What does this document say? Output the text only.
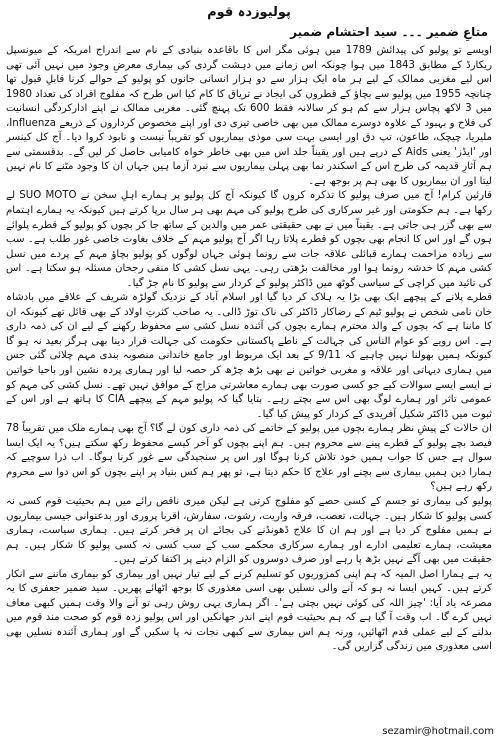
پولیوزدہ قوم
متاعِ ضمیر ۔۔۔ سید احتشام ضمیر

اویسے تو پولیو کی پیدائش 1789 میں ہوئی مگر اس کا باقاعدہ بنیادی کے نام سے اندراج امریکہ کے میونسپل ریکارڈ کے مطابق 1843 میں ہوا چونکہ اس زمانے میں دہشت گردی کی بیماری معرضِ وجود میں نہیں آئی تھی اس لیے مغربی ممالک کے لیے ہر ماہ ایک ہزار سے دو ہزار انسانی جانوں کو پولیو کے حوالے کرنا قابلِ قبول تھا چنانچہ 1955 میں پولیو سے بچاؤ کے قطروں کی ایجاد نے تریاق کا کام کیا اس طرح کہ مفلوج افراد کی تعداد 1980 میں 3 لاکھ پچاس ہزار سے کم ہو کر سالانہ فقط 600 تک پہنچ گئی۔ مغربی ممالک نے اپنے ادارکردگی انسانیت کی فلاح و بہبود کے علاوہ دوسرے ممالک میں بھی خاصی تیزی دی اور اپنے مخصوص کرداروں کے ذریعے Influenza، ملیریا، چیچک، طاعون، تپ دق اور ایسی بہت سی موذی بیماریوں کو تقریباً نیست و نابود کروا دیا۔ آج کل کینسر اور 'ایڈز' یعنی Aids کے درپے ہیں اور یقیناً جلد اس میں بھی خاطر خواہ کامیابی حاصل کر لیں گے۔ بدقسمتی سے ہم آثارِ قدیمہ کی طرح اس کے اسکندر نما بھی پہلی بیماریوں سے نبرد آزما ہیں جہاں ان کا وجود مٹنے کا نام نہیں لیتا اور ان بیماریوں کا بھی ہم پر بوجھ ہے۔

قارئین کرام! آج میں صرف پولیو کا تذکرہ کروں گا کیونکہ آج کل پولیو پر ہمارے اہلِ سخن نے SUO MOTO لے رکھا ہے۔ ہم حکومتی اور غیر سرکاری کی طرح پولیو کی مہم بھی ہر سال برپا کرتے ہیں کیونکہ یہ ہمارے اہتمام سے بھی گزر ہی جاتی ہے۔ یقیناً میں نے بھی حقیقتی عمر میں والدین کے ساتھ جا کر بچوں کو پولیو کے قطرے پلوائے ہوں گے اور اس کا انجام بھی بچوں کو قطرے پلاتا رہا اگر آج پولیو مہم کے خلاف بغاوت خاصی غور طلب ہے۔ سب سے زیادہ مزاحمت ہمارے قبائلی علاقہ جات سے رونما ہوئی جہاں لوگوں کو پولیو بچاؤ مہم کے پردے میں نسل کشی مہم کا خدشہ رونما ہوا اور مخالفت بڑھتی رہی۔ یہی نسل کشی کا منفی رجحان مسئلہ ہو سکتا ہے۔ اس کی تائید میں کراچی کے سیاسی گوٹھ میں ڈاکٹر پولیو کے کردار سے پولیو کا نام جڑ گیا۔

قطرے پلانے کے پیچھے ایک بھی بڑا یہ ہلاک کر دیا گیا اور اسلام آباد کے نزدیک گولڑہ شریف کے علاقے میں بادشاہ خان نامی شخص نے پولیو ٹیم کے رضاکار ڈاکٹر کی ناک توڑ ڈالی۔ یہ صاحب کثرتِ اولاد کے بھی قائل تھے کیونکہ ان کا ماننا ہے کہ بچوں کے والد محترم ہمارے بچوں کی آئندہ نسل کشی سے محفوظ رکھنے کے لیے ان کی ذمہ داری ہے۔ اس رویے کو عوام الناس کی جہالت کے ناطے پاکستانی حکومت کی جہالت قرار دینا بھی ہرگز بعید نہ ہو گا کیونکہ ہمیں بھولنا نہیں چاہیے کہ 9/11 کے بعد ایک مربوط اور جامع خاندانی منصوبہ بندی مہم چلائی گئی جس میں ہماری دیہاتی اور علاقہ و مغربی خواتین نے بھی بڑھ چڑھ کر حصہ لیا اور ہماری پردہ نشین اور باحیا خواتین نے ایسے ایسے سوالات کیے جو کسی صورت بھی ہمارے معاشرتی مزاج کے موافق نہیں تھے۔ نسل کشی کی مہم کو عمومی تاثر اور ہمارے لوگ بھی اس سے بچتے رہے۔ بتایا گیا کہ پولیو مہم کے پیچھے CIA کا ہاتھ ہے اور اس کے ثبوت میں ڈاکٹر شکیل آفریدی کے کردار کو پیش کیا گیا۔

ان حالات کے پیشِ نظر ہمارے بچوں میں پولیو کے خاتمے کی ذمہ داری کون لے گا؟ آج بھی ہمارے ملک میں تقریباً 78 فیصد بچے پولیو کے قطرے پینے سے محروم ہیں۔ ہم اپنے بچوں کو آخر کیسے محفوظ رکھ سکتے ہیں؟ یہ ایک ایسا سوال ہے جس کا جواب ہمیں خود تلاش کرنا ہوگا اور اس پر سنجیدگی سے غور کرنا ہوگا۔ اب ذرا سوچیے کہ ہمارا دین ہمیں بیماری سے بچنے اور علاج کا حکم دیتا ہے، تو پھر ہم کس بنیاد پر اپنے بچوں کو اس دوا سے محروم رکھ رہے ہیں؟

پولیو کی بیماری تو جسم کے کسی حصے کو مفلوج کرتی ہے لیکن میری ناقص رائے میں ہم بحیثیت قوم کسی نہ کسی پولیو کا شکار ہیں۔ جہالت، تعصب، فرقہ واریت، رشوت، سفارش، اقربا پروری اور بدعنوانی جیسی بیماریوں نے ہمیں مفلوج کر دیا ہے اور ہم ان کا علاج ڈھونڈنے کی بجائے ان پر فخر کرتے ہیں۔ ہماری سیاست، ہماری معیشت، ہمارے تعلیمی ادارے اور ہمارے سرکاری محکمے سب کے سب کسی نہ کسی پولیو کا شکار ہیں۔ ہم حقیقت میں بھی آگے نہیں بڑھ پا رہے اور صرف دوسروں کو الزام دینے پر اکتفا کرتے ہیں۔

یہ ہے ہمارا اصل المیہ کہ ہم اپنی کمزوریوں کو تسلیم کرنے کے لیے تیار نہیں اور بیماری کو بیماری ماننے سے انکار کرتے ہیں۔ کہیں ایسا نہ ہو کہ آنے والی نسلیں بھی اسی معذوری کا بوجھ اٹھائے پھریں۔ سید ضمیر جعفری کا یہ مصرعہ یاد آیا: 'چیز اللہ کی کوئی نہیں بچتی ہے'۔ اگر ہماری یہی روش رہی تو آنے والا وقت ہمیں کبھی معاف نہیں کرے گا۔ اب وقت آ گیا ہے کہ ہم بحیثیت قوم اپنے اندر جھانکیں اور اس پولیو زدہ قوم کو صحت مند قوم میں بدلنے کے لیے عملی قدم اٹھائیں، ورنہ ہم اس بیماری سے کبھی نجات نہ پا سکیں گے اور ہماری آئندہ نسلیں بھی اسی معذوری میں زندگی گزاریں گی۔

sezamir@hotmail.com
